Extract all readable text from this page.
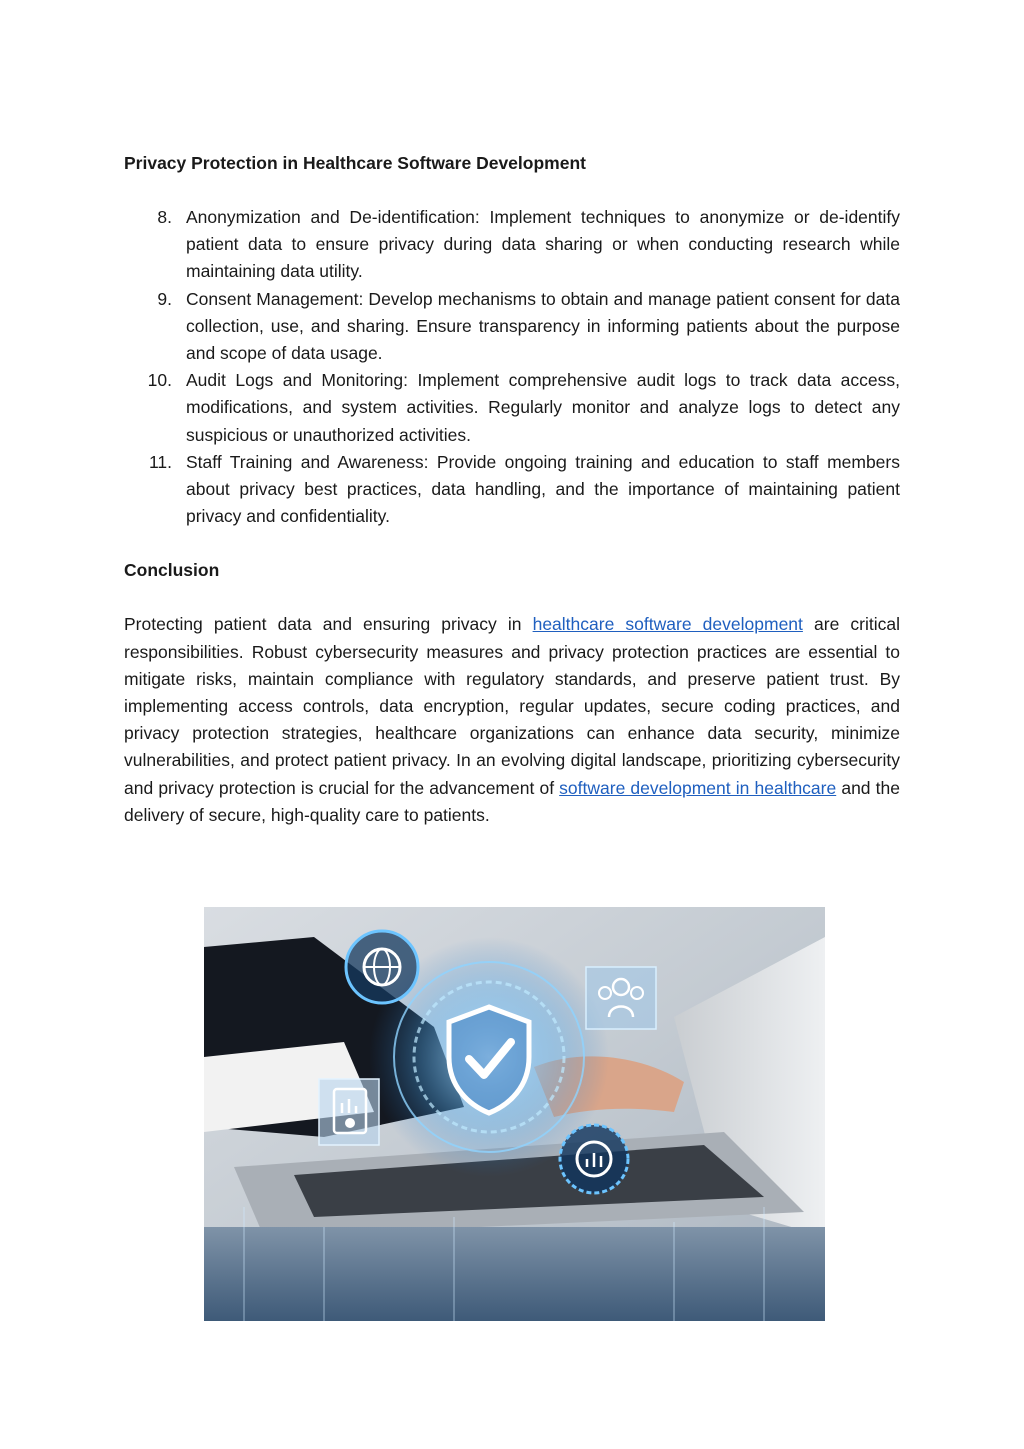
Privacy Protection in Healthcare Software Development
8. Anonymization and De-identification: Implement techniques to anonymize or de-identify patient data to ensure privacy during data sharing or when conducting research while maintaining data utility.
9. Consent Management: Develop mechanisms to obtain and manage patient consent for data collection, use, and sharing. Ensure transparency in informing patients about the purpose and scope of data usage.
10. Audit Logs and Monitoring: Implement comprehensive audit logs to track data access, modifications, and system activities. Regularly monitor and analyze logs to detect any suspicious or unauthorized activities.
11. Staff Training and Awareness: Provide ongoing training and education to staff members about privacy best practices, data handling, and the importance of maintaining patient privacy and confidentiality.
Conclusion

Protecting patient data and ensuring privacy in healthcare software development are critical responsibilities. Robust cybersecurity measures and privacy protection practices are essential to mitigate risks, maintain compliance with regulatory standards, and preserve patient trust. By implementing access controls, data encryption, regular updates, secure coding practices, and privacy protection strategies, healthcare organizations can enhance data security, minimize vulnerabilities, and protect patient privacy. In an evolving digital landscape, prioritizing cybersecurity and privacy protection is crucial for the advancement of software development in healthcare and the delivery of secure, high-quality care to patients.
